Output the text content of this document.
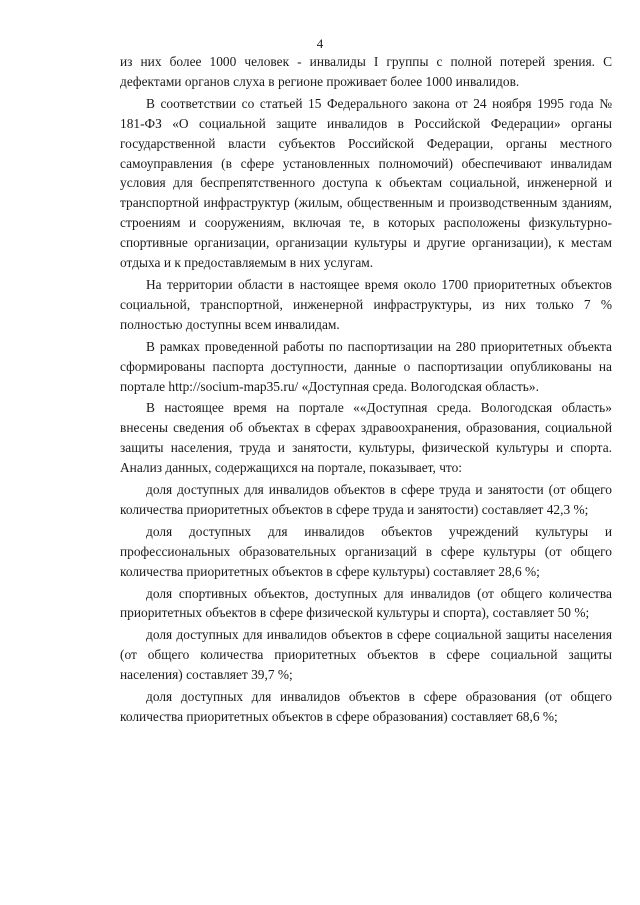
4

из них более 1000 человек - инвалиды I группы с полной потерей зрения. С дефектами органов слуха в регионе проживает более 1000 инвалидов.

В соответствии со статьей 15 Федерального закона от 24 ноября 1995 года № 181-ФЗ «О социальной защите инвалидов в Российской Федерации» органы государственной власти субъектов Российской Федерации, органы местного самоуправления (в сфере установленных полномочий) обеспечивают инвалидам условия для беспрепятственного доступа к объектам социальной, инженерной и транспортной инфраструктур (жилым, общественным и производственным зданиям, строениям и сооружениям, включая те, в которых расположены физкультурно-спортивные организации, организации культуры и другие организации), к местам отдыха и к предоставляемым в них услугам.

На территории области в настоящее время около 1700 приоритетных объектов социальной, транспортной, инженерной инфраструктуры, из них только 7 % полностью доступны всем инвалидам.

В рамках проведенной работы по паспортизации на 280 приоритетных объекта сформированы паспорта доступности, данные о паспортизации опубликованы на портале http://socium-map35.ru/ «Доступная среда. Вологодская область».

В настоящее время на портале ««Доступная среда. Вологодская область» внесены сведения об объектах в сферах здравоохранения, образования, социальной защиты населения, труда и занятости, культуры, физической культуры и спорта. Анализ данных, содержащихся на портале, показывает, что:

доля доступных для инвалидов объектов в сфере труда и занятости (от общего количества приоритетных объектов в сфере труда и занятости) составляет 42,3 %;

доля доступных для инвалидов объектов учреждений культуры и профессиональных образовательных организаций в сфере культуры (от общего количества приоритетных объектов в сфере культуры) составляет 28,6 %;

доля спортивных объектов, доступных для инвалидов (от общего количества приоритетных объектов в сфере физической культуры и спорта), составляет 50 %;

доля доступных для инвалидов объектов в сфере социальной защиты населения (от общего количества приоритетных объектов в сфере социальной защиты населения) составляет 39,7 %;

доля доступных для инвалидов объектов в сфере образования (от общего количества приоритетных объектов в сфере образования) составляет 68,6 %;
